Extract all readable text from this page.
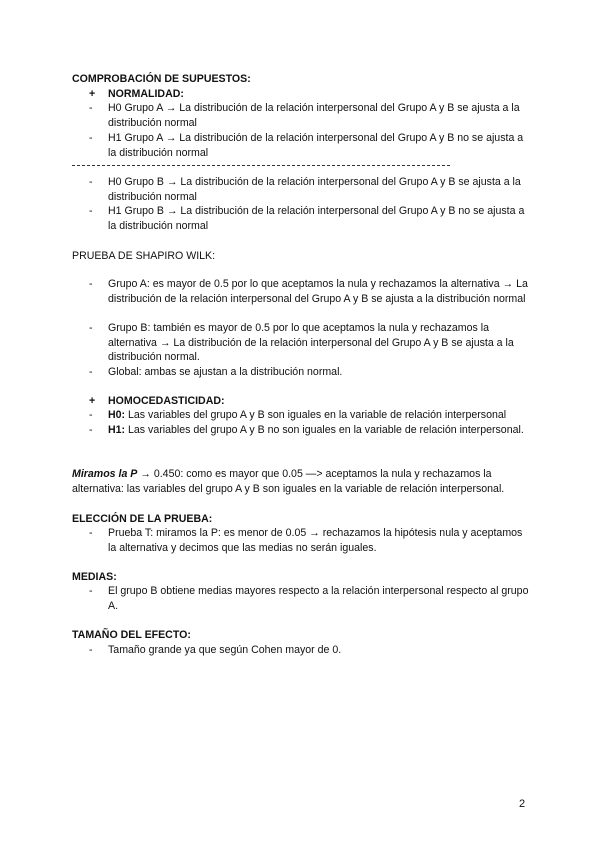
COMPROBACIÓN DE SUPUESTOS:
+ NORMALIDAD:
- H0 Grupo A → La distribución de la relación interpersonal del Grupo A y B se ajusta a la distribución normal
- H1 Grupo A → La distribución de la relación interpersonal del Grupo A y B no se ajusta a la distribución normal
- H0 Grupo B → La distribución de la relación interpersonal del Grupo A y B se ajusta a la distribución normal
- H1 Grupo B → La distribución de la relación interpersonal del Grupo A y B no se ajusta a la distribución normal
PRUEBA DE SHAPIRO WILK:
- Grupo A: es mayor de 0.5 por lo que aceptamos la nula y rechazamos la alternativa → La distribución de la relación interpersonal del Grupo A y B se ajusta a la distribución normal
- Grupo B: también es mayor de 0.5 por lo que aceptamos la nula y rechazamos la alternativa → La distribución de la relación interpersonal del Grupo A y B se ajusta a la distribución normal.
- Global: ambas se ajustan a la distribución normal.
+ HOMOCEDASTICIDAD:
- H0: Las variables del grupo A y B son iguales en la variable de relación interpersonal
- H1: Las variables del grupo A y B no son iguales en la variable de relación interpersonal.
Miramos la P → 0.450: como es mayor que 0.05 —> aceptamos la nula y rechazamos la alternativa: las variables del grupo A y B son iguales en la variable de relación interpersonal.
ELECCIÓN DE LA PRUEBA:
- Prueba T: miramos la P: es menor de 0.05 → rechazamos la hipótesis nula y aceptamos la alternativa y decimos que las medias no serán iguales.
MEDIAS:
- El grupo B obtiene medias mayores respecto a la relación interpersonal respecto al grupo A.
TAMAÑO DEL EFECTO:
- Tamaño grande ya que según Cohen mayor de 0.
2
